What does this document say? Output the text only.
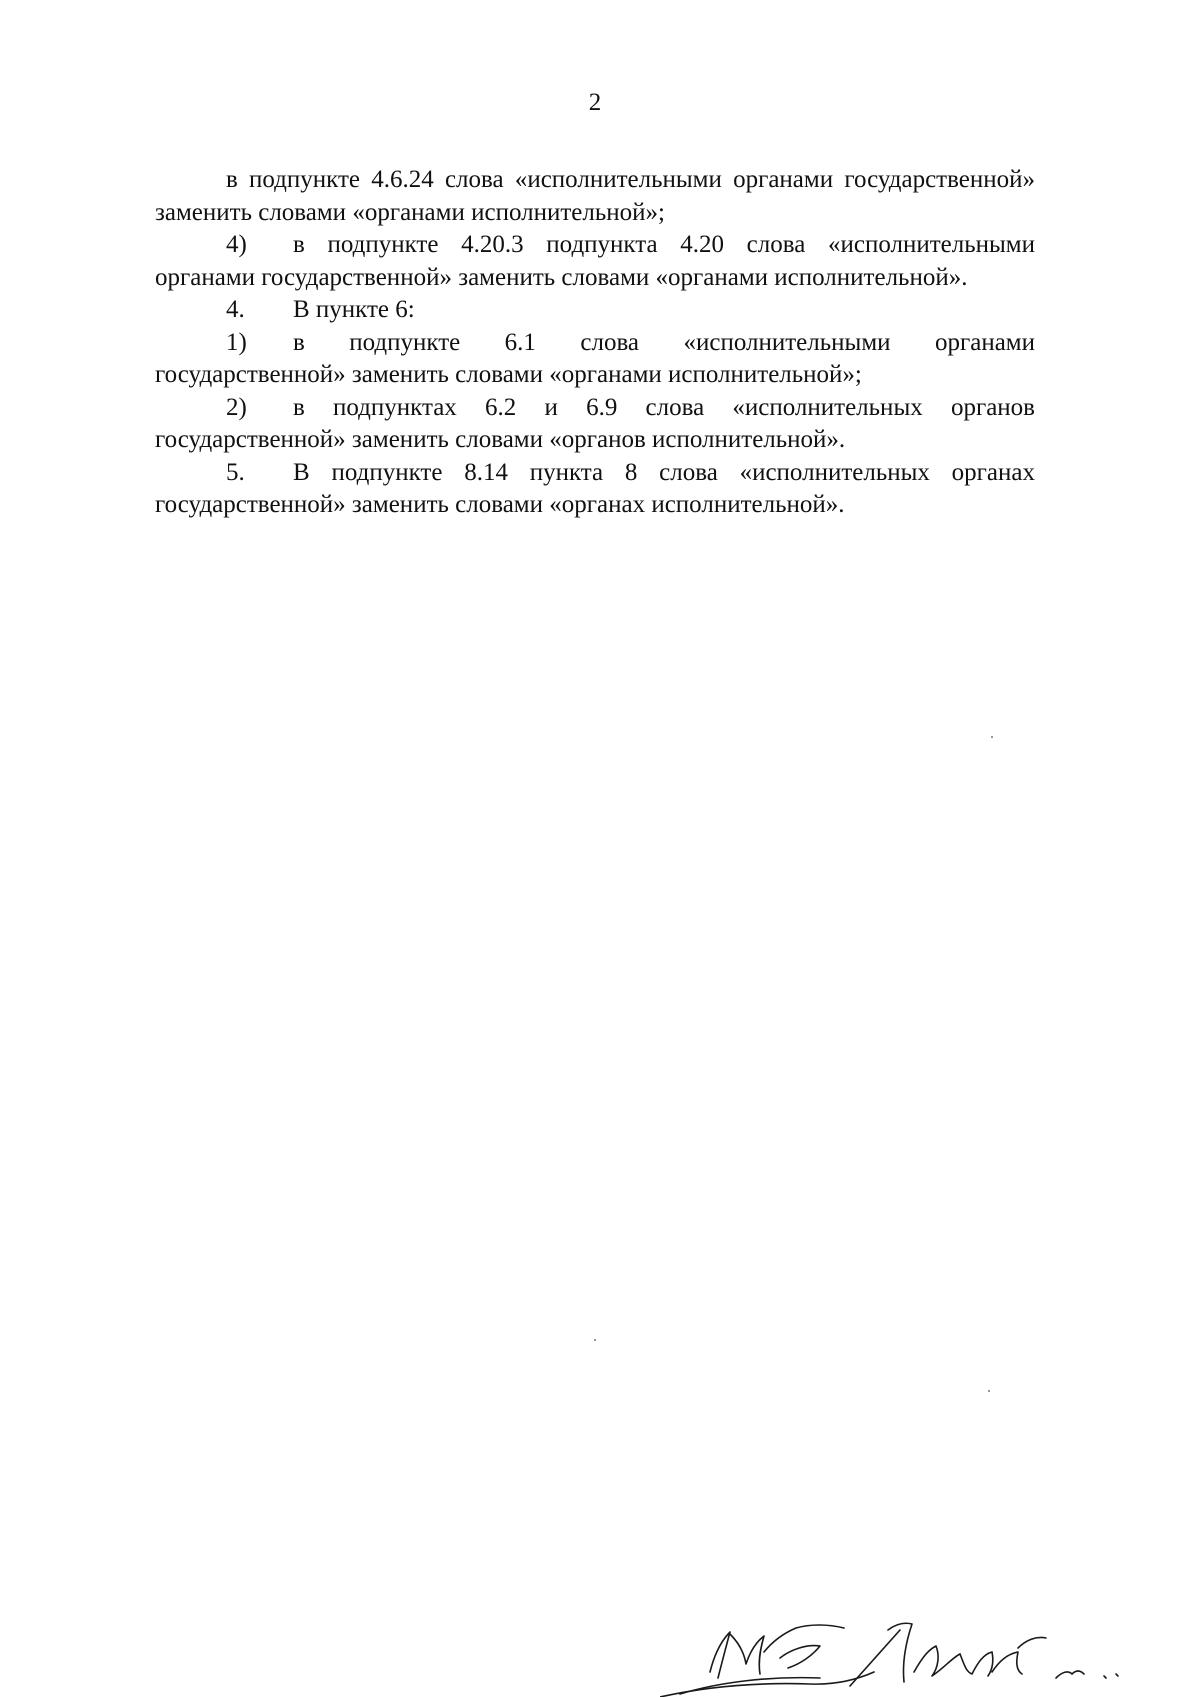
2

в подпункте 4.6.24 слова «исполнительными органами государственной» заменить словами «органами исполнительной»;

4) в подпункте 4.20.3 подпункта 4.20 слова «исполнительными органами государственной» заменить словами «органами исполнительной».

4. В пункте 6:

1) в подпункте 6.1 слова «исполнительными органами государственной» заменить словами «органами исполнительной»;

2) в подпунктах 6.2 и 6.9 слова «исполнительных органов государственной» заменить словами «органов исполнительной».

5. В подпункте 8.14 пункта 8 слова «исполнительных органах государственной» заменить словами «органах исполнительной».
